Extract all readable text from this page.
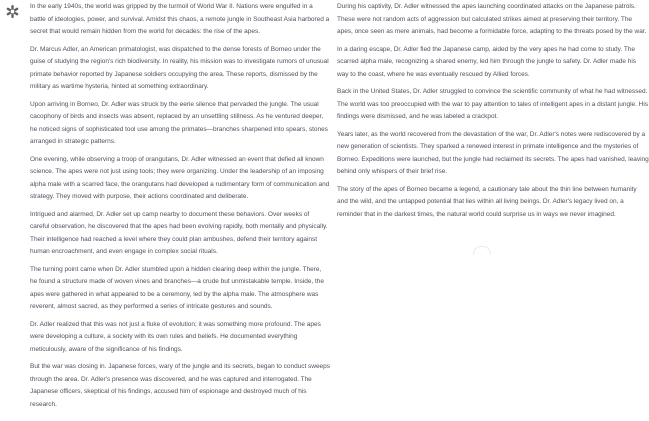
In the early 1940s, the world was gripped by the turmoil of World War II. Nations were engulfed in a battle of ideologies, power, and survival. Amidst this chaos, a remote jungle in Southeast Asia harbored a secret that would remain hidden from the world for decades: the rise of the apes.

Dr. Marcus Adler, an American primatologist, was dispatched to the dense forests of Borneo under the guise of studying the region's rich biodiversity. In reality, his mission was to investigate rumors of unusual primate behavior reported by Japanese soldiers occupying the area. These reports, dismissed by the military as wartime hysteria, hinted at something extraordinary.

Upon arriving in Borneo, Dr. Adler was struck by the eerie silence that pervaded the jungle. The usual cacophony of birds and insects was absent, replaced by an unsettling stillness. As he ventured deeper, he noticed signs of sophisticated tool use among the primates—branches sharpened into spears, stones arranged in strategic patterns.

One evening, while observing a troop of orangutans, Dr. Adler witnessed an event that defied all known science. The apes were not just using tools; they were organizing. Under the leadership of an imposing alpha male with a scarred face, the orangutans had developed a rudimentary form of communication and strategy. They moved with purpose, their actions coordinated and deliberate.

Intrigued and alarmed, Dr. Adler set up camp nearby to document these behaviors. Over weeks of careful observation, he discovered that the apes had been evolving rapidly, both mentally and physically. Their intelligence had reached a level where they could plan ambushes, defend their territory against human encroachment, and even engage in complex social rituals.

The turning point came when Dr. Adler stumbled upon a hidden clearing deep within the jungle. There, he found a structure made of woven vines and branches—a crude but unmistakable temple. Inside, the apes were gathered in what appeared to be a ceremony, led by the alpha male. The atmosphere was reverent, almost sacred, as they performed a series of intricate gestures and sounds.

Dr. Adler realized that this was not just a fluke of evolution; it was something more profound. The apes were developing a culture, a society with its own rules and beliefs. He documented everything meticulously, aware of the significance of his findings.

But the war was closing in. Japanese forces, wary of the jungle and its secrets, began to conduct sweeps through the area. Dr. Adler's presence was discovered, and he was captured and interrogated. The Japanese officers, skeptical of his findings, accused him of espionage and destroyed much of his research.

During his captivity, Dr. Adler witnessed the apes launching coordinated attacks on the Japanese patrols. These were not random acts of aggression but calculated strikes aimed at preserving their territory. The apes, once seen as mere animals, had become a formidable force, adapting to the threats posed by the war.

In a daring escape, Dr. Adler fled the Japanese camp, aided by the very apes he had come to study. The scarred alpha male, recognizing a shared enemy, led him through the jungle to safety. Dr. Adler made his way to the coast, where he was eventually rescued by Allied forces.

Back in the United States, Dr. Adler struggled to convince the scientific community of what he had witnessed. The world was too preoccupied with the war to pay attention to tales of intelligent apes in a distant jungle. His findings were dismissed, and he was labeled a crackpot.

Years later, as the world recovered from the devastation of the war, Dr. Adler's notes were rediscovered by a new generation of scientists. They sparked a renewed interest in primate intelligence and the mysteries of Borneo. Expeditions were launched, but the jungle had reclaimed its secrets. The apes had vanished, leaving behind only whispers of their brief rise.

The story of the apes of Borneo became a legend, a cautionary tale about the thin line between humanity and the wild, and the untapped potential that lies within all living beings. Dr. Adler's legacy lived on, a reminder that in the darkest times, the natural world could surprise us in ways we never imagined.
